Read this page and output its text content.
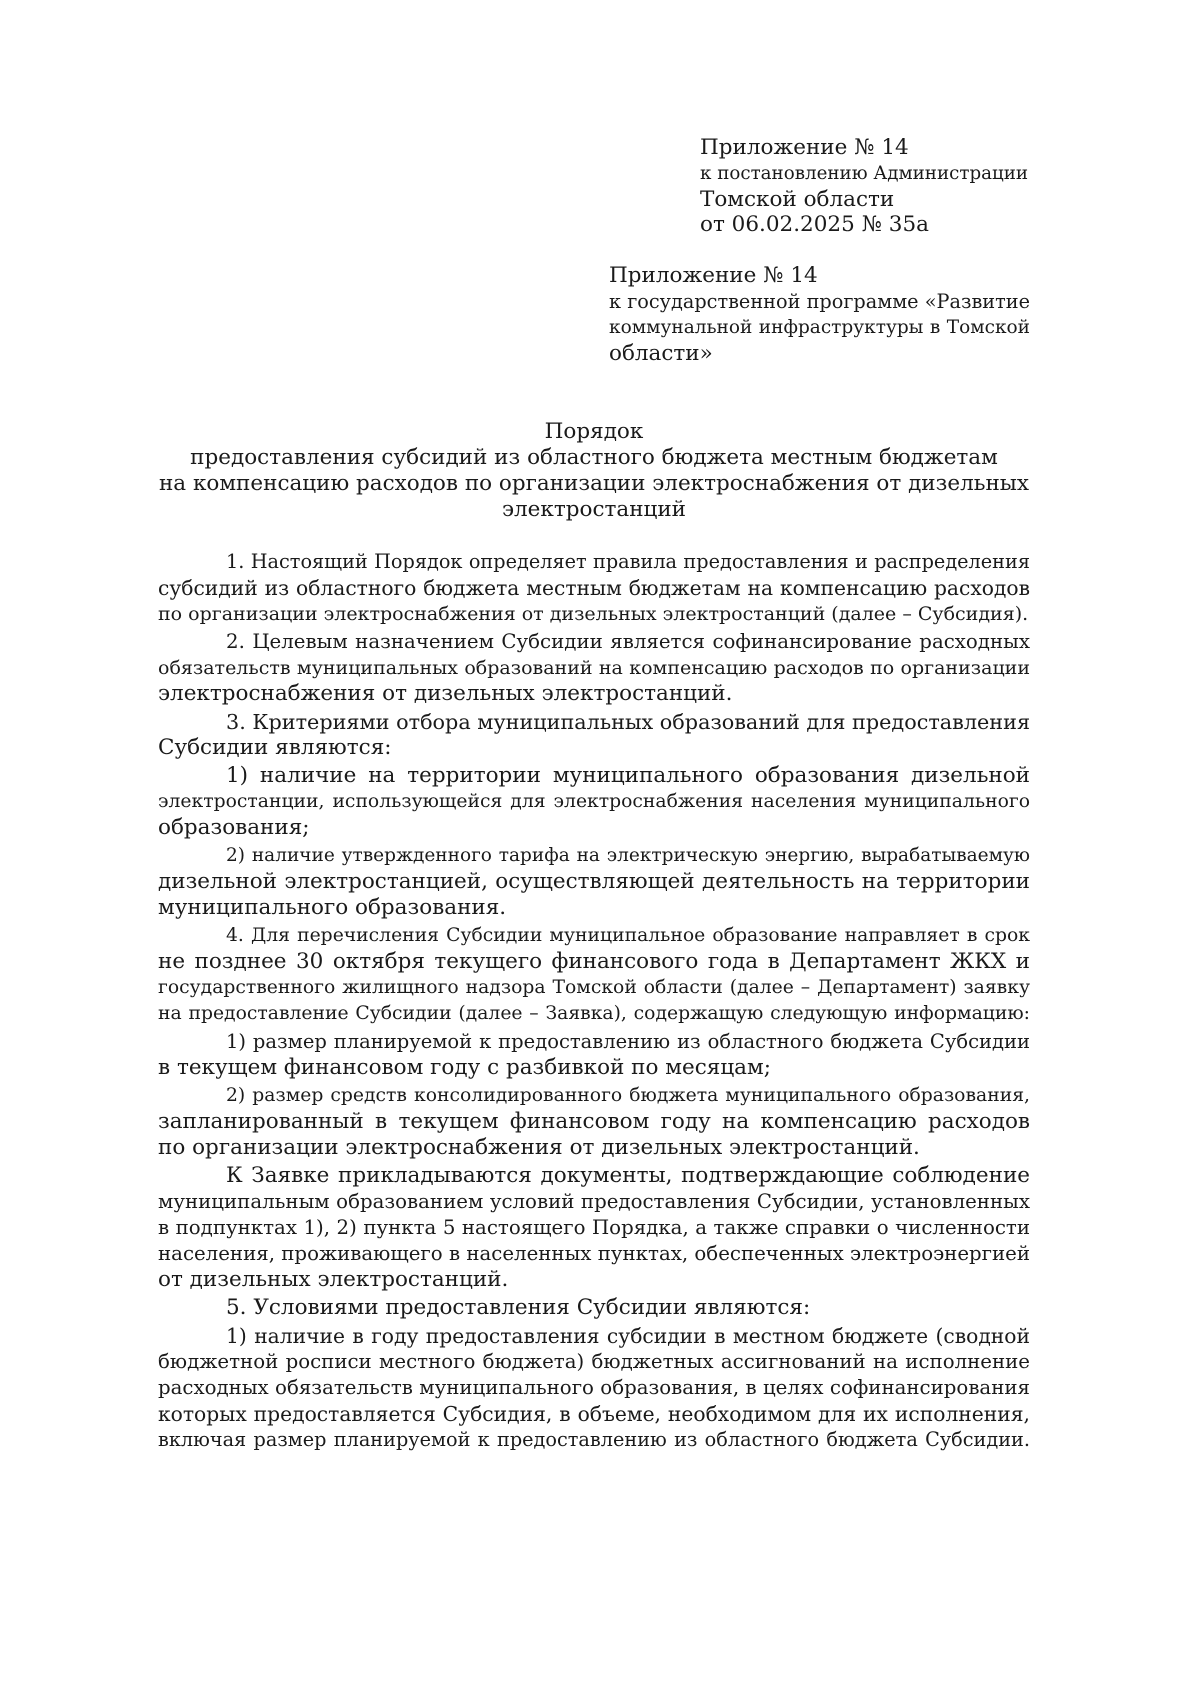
Приложение № 14
к постановлению Администрации
Томской области
от 06.02.2025 № 35а
Приложение № 14
к государственной программе «Развитие
коммунальной инфраструктуры в Томской
области»
Порядок
предоставления субсидий из областного бюджета местным бюджетам
на компенсацию расходов по организации электроснабжения от дизельных
электростанций
1. Настоящий Порядок определяет правила предоставления и распределения
субсидий из областного бюджета местным бюджетам на компенсацию расходов
по организации электроснабжения от дизельных электростанций (далее – Субсидия).
2. Целевым назначением Субсидии является софинансирование расходных
обязательств муниципальных образований на компенсацию расходов по организации
электроснабжения от дизельных электростанций.
3. Критериями отбора муниципальных образований для предоставления
Субсидии являются:
1) наличие на территории муниципального образования дизельной
электростанции, использующейся для электроснабжения населения муниципального
образования;
2) наличие утвержденного тарифа на электрическую энергию, вырабатываемую
дизельной электростанцией, осуществляющей деятельность на территории
муниципального образования.
4. Для перечисления Субсидии муниципальное образование направляет в срок
не позднее 30 октября текущего финансового года в Департамент ЖКХ и
государственного жилищного надзора Томской области (далее – Департамент) заявку
на предоставление Субсидии (далее – Заявка), содержащую следующую информацию:
1) размер планируемой к предоставлению из областного бюджета Субсидии
в текущем финансовом году с разбивкой по месяцам;
2) размер средств консолидированного бюджета муниципального образования,
запланированный в текущем финансовом году на компенсацию расходов
по организации электроснабжения от дизельных электростанций.
К Заявке прикладываются документы, подтверждающие соблюдение
муниципальным образованием условий предоставления Субсидии, установленных
в подпунктах 1), 2) пункта 5 настоящего Порядка, а также справки о численности
населения, проживающего в населенных пунктах, обеспеченных электроэнергией
от дизельных электростанций.
5. Условиями предоставления Субсидии являются:
1) наличие в году предоставления субсидии в местном бюджете (сводной
бюджетной росписи местного бюджета) бюджетных ассигнований на исполнение
расходных обязательств муниципального образования, в целях софинансирования
которых предоставляется Субсидия, в объеме, необходимом для их исполнения,
включая размер планируемой к предоставлению из областного бюджета Субсидии.
